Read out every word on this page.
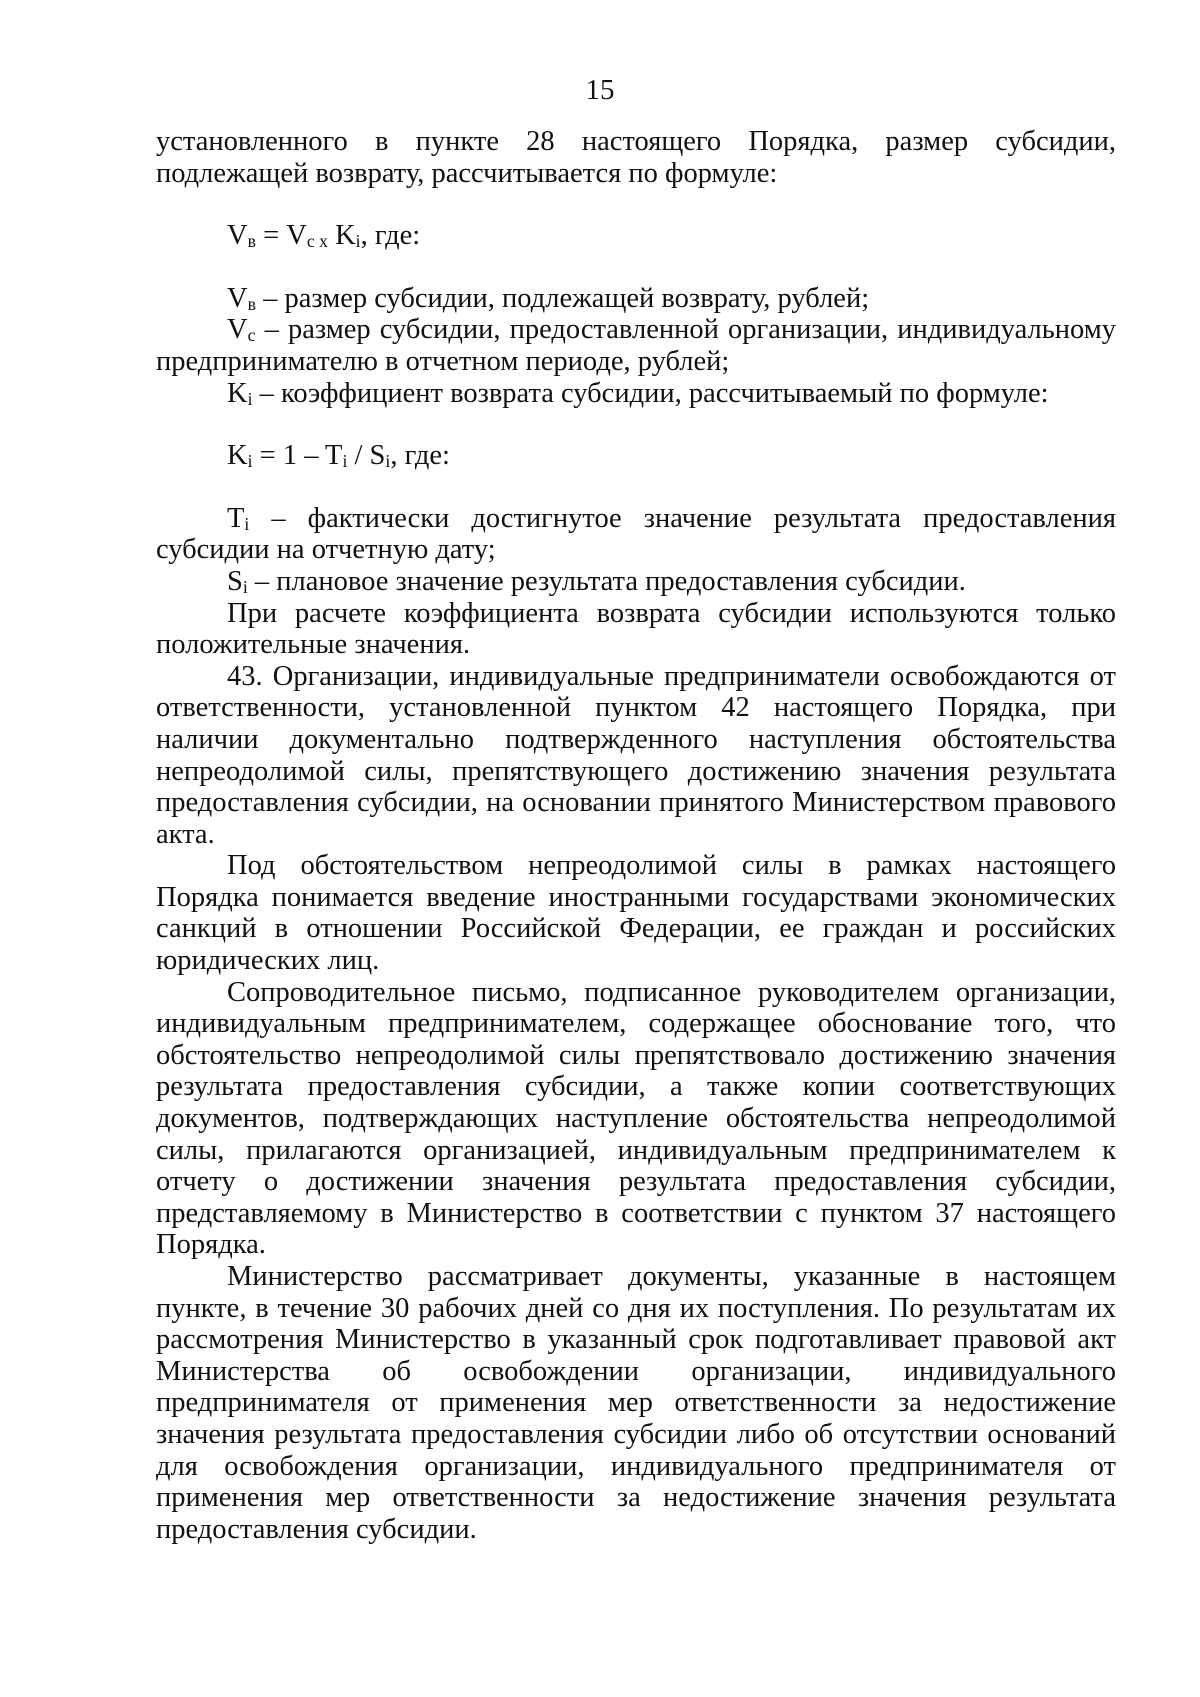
15

установленного в пункте 28 настоящего Порядка, размер субсидии, подлежащей возврату, рассчитывается по формуле:

Vв = Vс x Ki, где:

Vв – размер субсидии, подлежащей возврату, рублей;

Vс – размер субсидии, предоставленной организации, индивидуальному предпринимателю в отчетном периоде, рублей;

Ki – коэффициент возврата субсидии, рассчитываемый по формуле:

Ki = 1 – Ti / Si, где:

Ti – фактически достигнутое значение результата предоставления субсидии на отчетную дату;

Si – плановое значение результата предоставления субсидии.

При расчете коэффициента возврата субсидии используются только положительные значения.

43. Организации, индивидуальные предприниматели освобождаются от ответственности, установленной пунктом 42 настоящего Порядка, при наличии документально подтвержденного наступления обстоятельства непреодолимой силы, препятствующего достижению значения результата предоставления субсидии, на основании принятого Министерством правового акта.

Под обстоятельством непреодолимой силы в рамках настоящего Порядка понимается введение иностранными государствами экономических санкций в отношении Российской Федерации, ее граждан и российских юридических лиц.

Сопроводительное письмо, подписанное руководителем организации, индивидуальным предпринимателем, содержащее обоснование того, что обстоятельство непреодолимой силы препятствовало достижению значения результата предоставления субсидии, а также копии соответствующих документов, подтверждающих наступление обстоятельства непреодолимой силы, прилагаются организацией, индивидуальным предпринимателем к отчету о достижении значения результата предоставления субсидии, представляемому в Министерство в соответствии с пунктом 37 настоящего Порядка.

Министерство рассматривает документы, указанные в настоящем пункте, в течение 30 рабочих дней со дня их поступления. По результатам их рассмотрения Министерство в указанный срок подготавливает правовой акт Министерства об освобождении организации, индивидуального предпринимателя от применения мер ответственности за недостижение значения результата предоставления субсидии либо об отсутствии оснований для освобождения организации, индивидуального предпринимателя от применения мер ответственности за недостижение значения результата предоставления субсидии.
